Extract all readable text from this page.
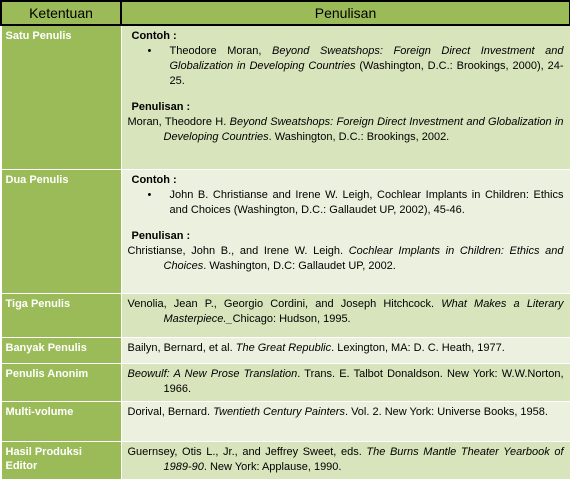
Ketentuan	Penulisan
Satu Penulis	Contoh :
• Theodore Moran, Beyond Sweatshops: Foreign Direct Investment and Globalization in Developing Countries (Washington, D.C.: Brookings, 2000), 24-25.
Penulisan :
Moran, Theodore H. Beyond Sweatshops: Foreign Direct Investment and Globalization in Developing Countries. Washington, D.C.: Brookings, 2002.

Dua Penulis	Contoh :
• John B. Christianse and Irene W. Leigh, Cochlear Implants in Children: Ethics and Choices (Washington, D.C.: Gallaudet UP, 2002), 45-46.
Penulisan :
Christianse, John B., and Irene W. Leigh. Cochlear Implants in Children: Ethics and Choices. Washington, D.C: Gallaudet UP, 2002.

Tiga Penulis	Venolia, Jean P., Georgio Cordini, and Joseph Hitchcock. What Makes a Literary Masterpiece._Chicago: Hudson, 1995.

Banyak Penulis	Bailyn, Bernard, et al. The Great Republic. Lexington, MA: D. C. Heath, 1977.

Penulis Anonim	Beowulf: A New Prose Translation. Trans. E. Talbot Donaldson. New York: W.W.Norton, 1966.

Multi-volume	Dorival, Bernard. Twentieth Century Painters. Vol. 2. New York: Universe Books, 1958.

Hasil Produksi Editor	Guernsey, Otis L., Jr., and Jeffrey Sweet, eds. The Burns Mantle Theater Yearbook of 1989-90. New York: Applause, 1990.
